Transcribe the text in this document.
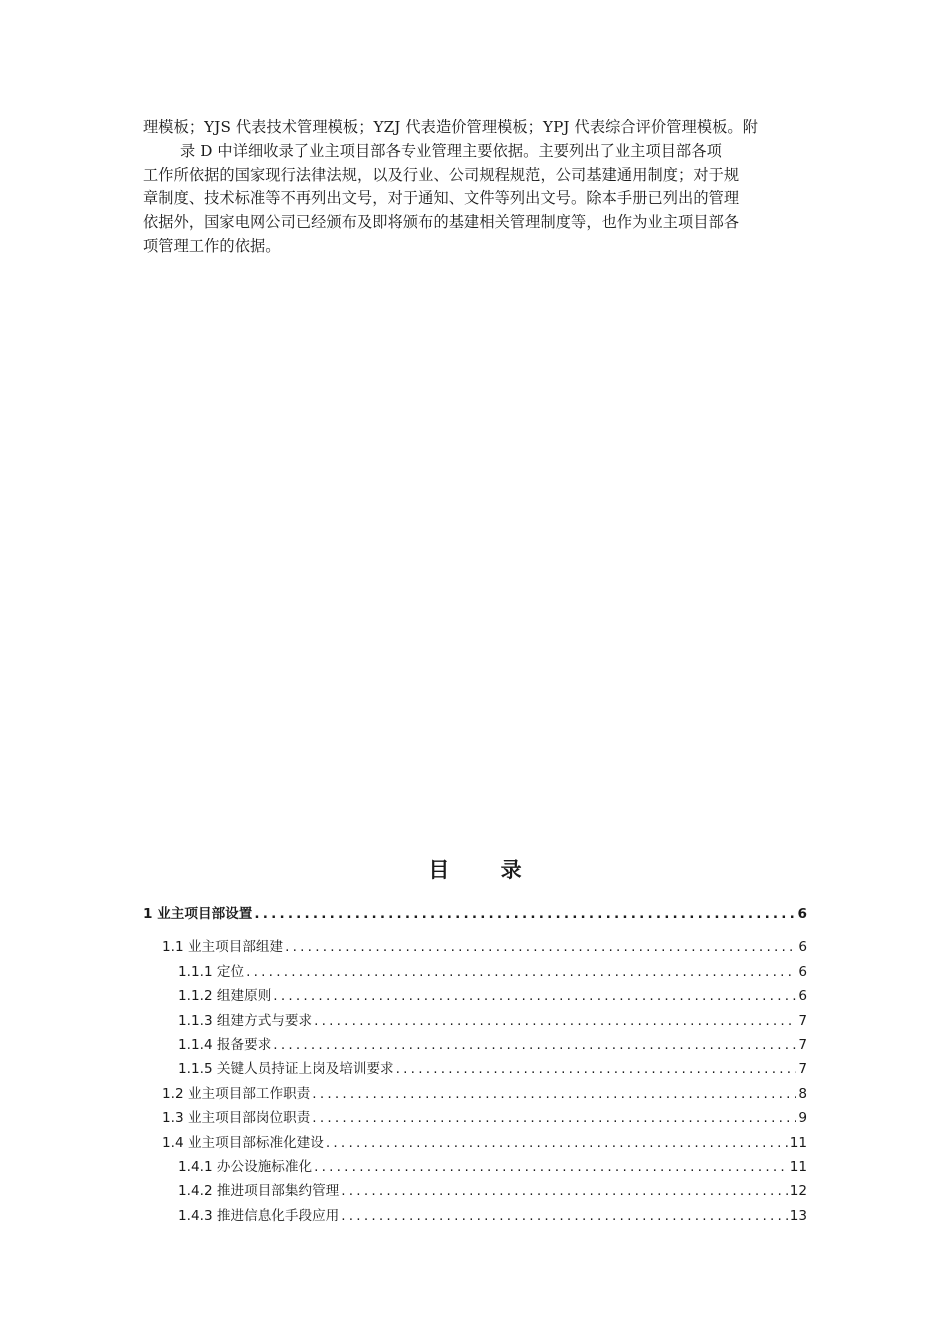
理模板；YJS 代表技术管理模板；YZJ 代表造价管理模板；YPJ 代表综合评价管理模板。附
录 D 中详细收录了业主项目部各专业管理主要依据。主要列出了业主项目部各项
工作所依据的国家现行法律法规，以及行业、公司规程规范，公司基建通用制度；对于规
章制度、技术标准等不再列出文号，对于通知、文件等列出文号。除本手册已列出的管理
依据外，国家电网公司已经颁布及即将颁布的基建相关管理制度等，也作为业主项目部各
项管理工作的依据。
目 录
1 业主项目部设置 .....	6
1.1 业主项目部组建 .....	6
1.1.1 定位 .....	6
1.1.2 组建原则 .....	6
1.1.3 组建方式与要求 .....	7
1.1.4 报备要求 .....	7
1.1.5 关键人员持证上岗及培训要求 .....	7
1.2 业主项目部工作职责 .....	8
1.3 业主项目部岗位职责 .....	9
1.4 业主项目部标准化建设 .....	11
1.4.1 办公设施标准化 .....	11
1.4.2 推进项目部集约管理 .....	12
1.4.3 推进信息化手段应用 .....	13
